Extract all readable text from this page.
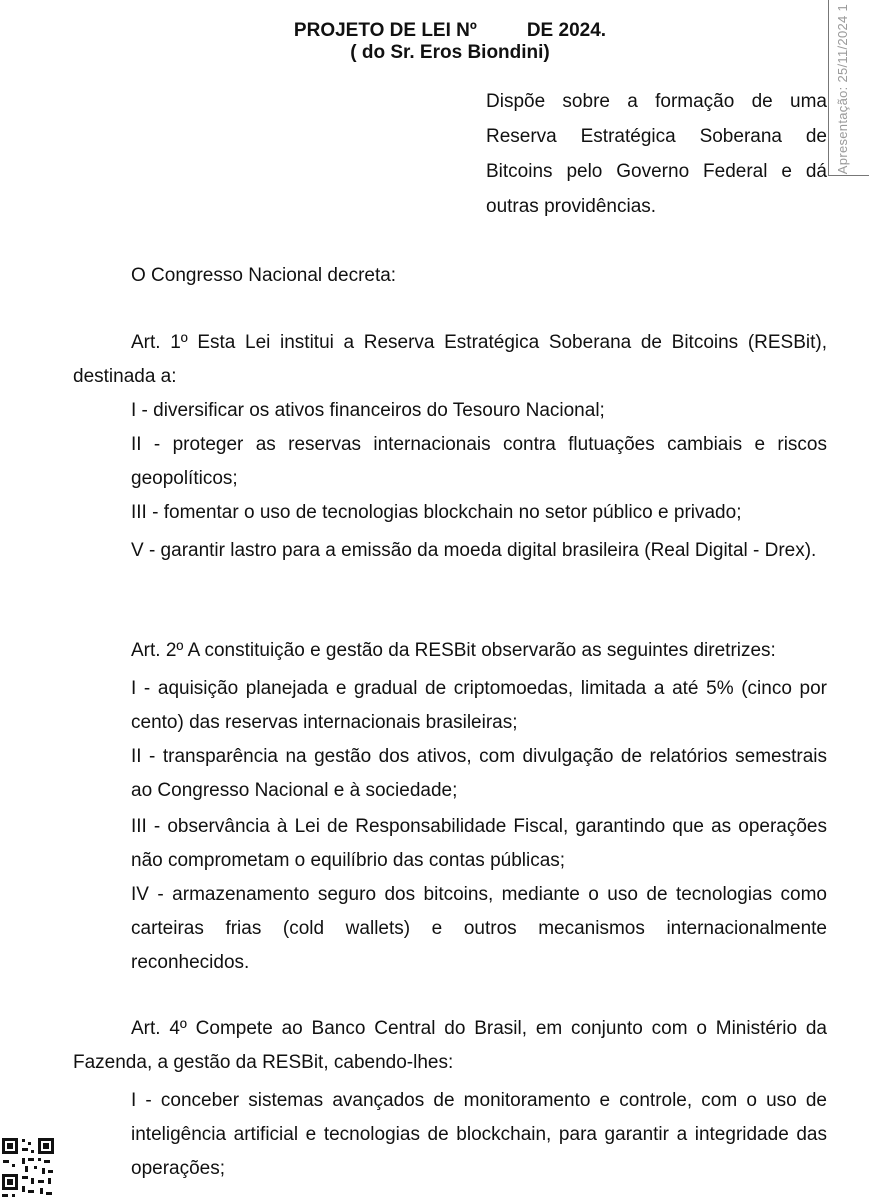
Apresentação: 25/11/2024 1
PROJETO DE LEI Nº	DE 2024.
( do Sr. Eros Biondini)

Dispõe sobre a formação de uma Reserva Estratégica Soberana de Bitcoins pelo Governo Federal e dá outras providências.

O Congresso Nacional decreta:

Art. 1º Esta Lei institui a Reserva Estratégica Soberana de Bitcoins (RESBit), destinada a:

I - diversificar os ativos financeiros do Tesouro Nacional;

II - proteger as reservas internacionais contra flutuações cambiais e riscos geopolíticos;

III - fomentar o uso de tecnologias blockchain no setor público e privado;

V - garantir lastro para a emissão da moeda digital brasileira (Real Digital - Drex).

Art. 2º A constituição e gestão da RESBit observarão as seguintes diretrizes:

I - aquisição planejada e gradual de criptomoedas, limitada a até 5% (cinco por cento) das reservas internacionais brasileiras;

II - transparência na gestão dos ativos, com divulgação de relatórios semestrais ao Congresso Nacional e à sociedade;

III - observância à Lei de Responsabilidade Fiscal, garantindo que as operações não comprometam o equilíbrio das contas públicas;

IV - armazenamento seguro dos bitcoins, mediante o uso de tecnologias como carteiras frias (cold wallets) e outros mecanismos internacionalmente reconhecidos.

Art. 4º Compete ao Banco Central do Brasil, em conjunto com o Ministério da Fazenda, a gestão da RESBit, cabendo-lhes:

I - conceber sistemas avançados de monitoramento e controle, com o uso de inteligência artificial e tecnologias de blockchain, para garantir a integridade das operações;
